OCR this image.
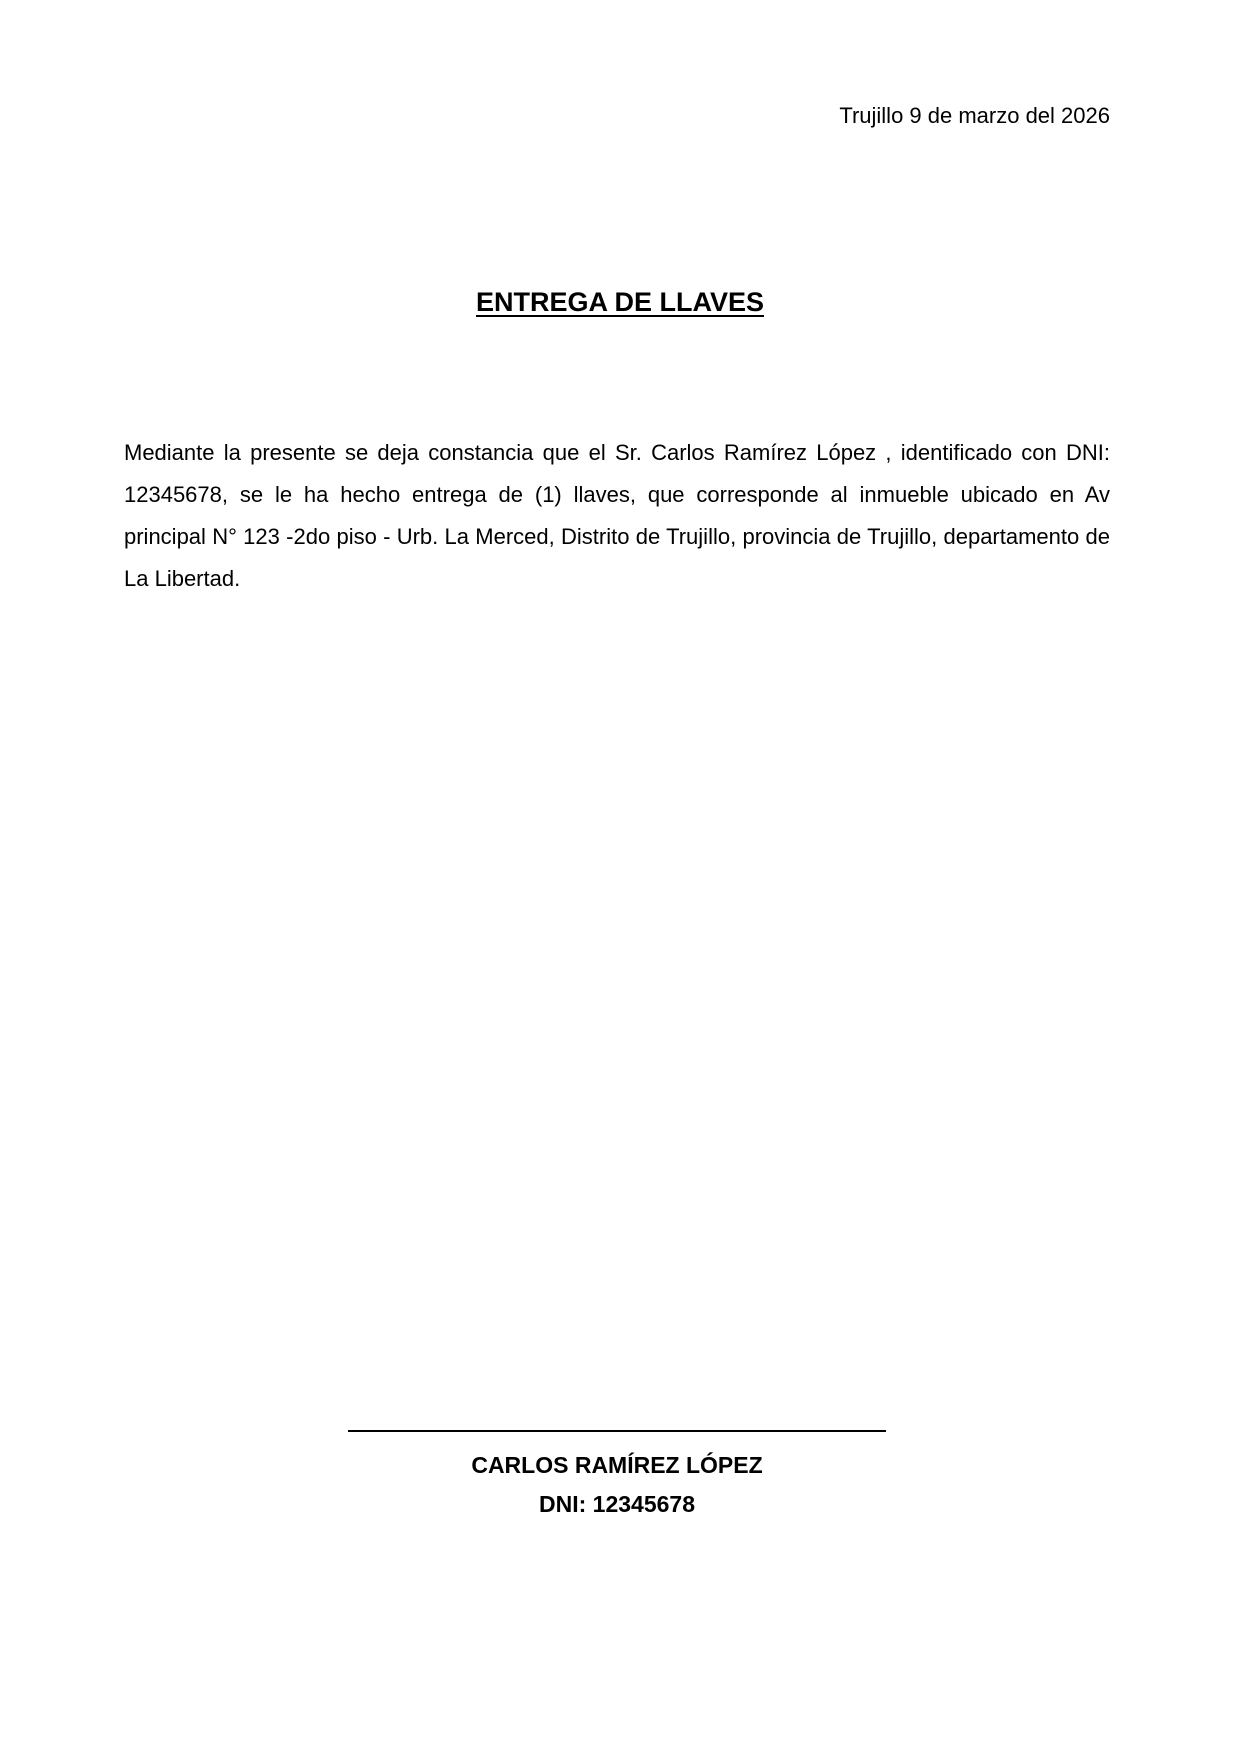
Trujillo 9 de marzo del 2026
ENTREGA DE LLAVES
Mediante la presente se deja constancia que el Sr. Carlos Ramírez López , identificado con DNI: 12345678, se le ha hecho entrega de (1) llaves, que corresponde al inmueble ubicado en Av principal N° 123 -2do piso - Urb. La Merced, Distrito de Trujillo, provincia de Trujillo, departamento de La Libertad.
CARLOS RAMÍREZ LÓPEZ
DNI: 12345678
